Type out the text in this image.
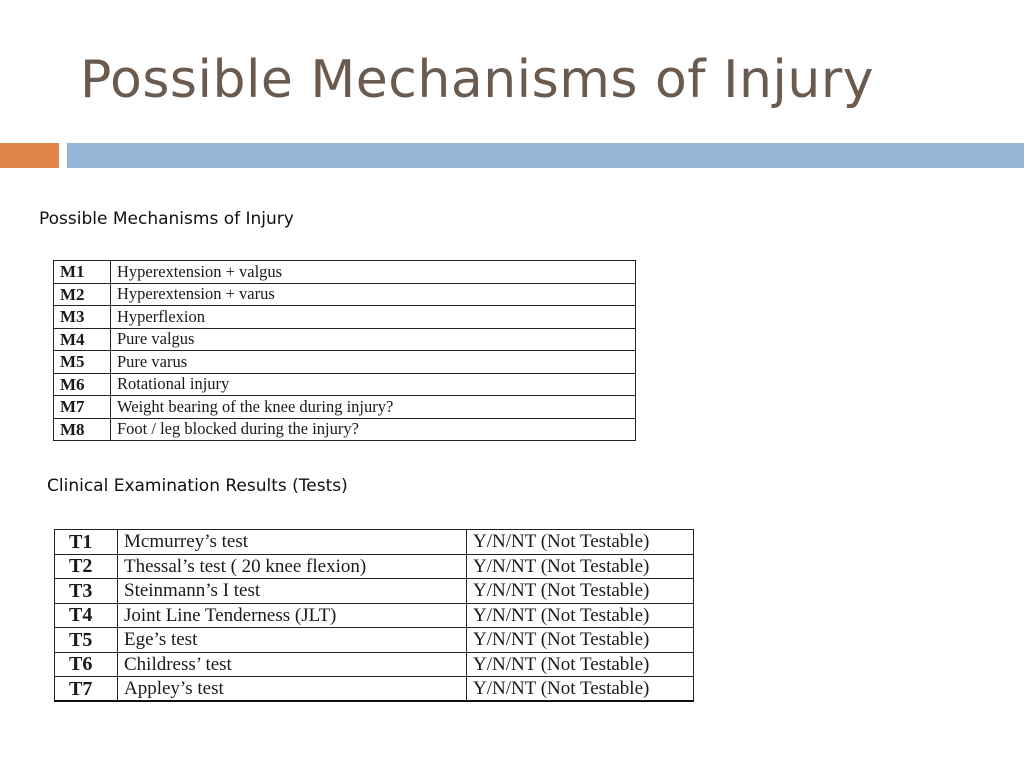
Possible Mechanisms of Injury
Possible Mechanisms of Injury
M1	Hyperextension + valgus
M2	Hyperextension + varus
M3	Hyperflexion
M4	Pure valgus
M5	Pure varus
M6	Rotational injury
M7	Weight bearing of the knee during injury?
M8	Foot / leg blocked during the injury?
Clinical Examination Results (Tests)
T1	Mcmurrey’s test	Y/N/NT (Not Testable)
T2	Thessal’s test ( 20 knee flexion)	Y/N/NT (Not Testable)
T3	Steinmann’s I test	Y/N/NT (Not Testable)
T4	Joint Line Tenderness (JLT)	Y/N/NT (Not Testable)
T5	Ege’s test	Y/N/NT (Not Testable)
T6	Childress’ test	Y/N/NT (Not Testable)
T7	Appley’s test	Y/N/NT (Not Testable)
